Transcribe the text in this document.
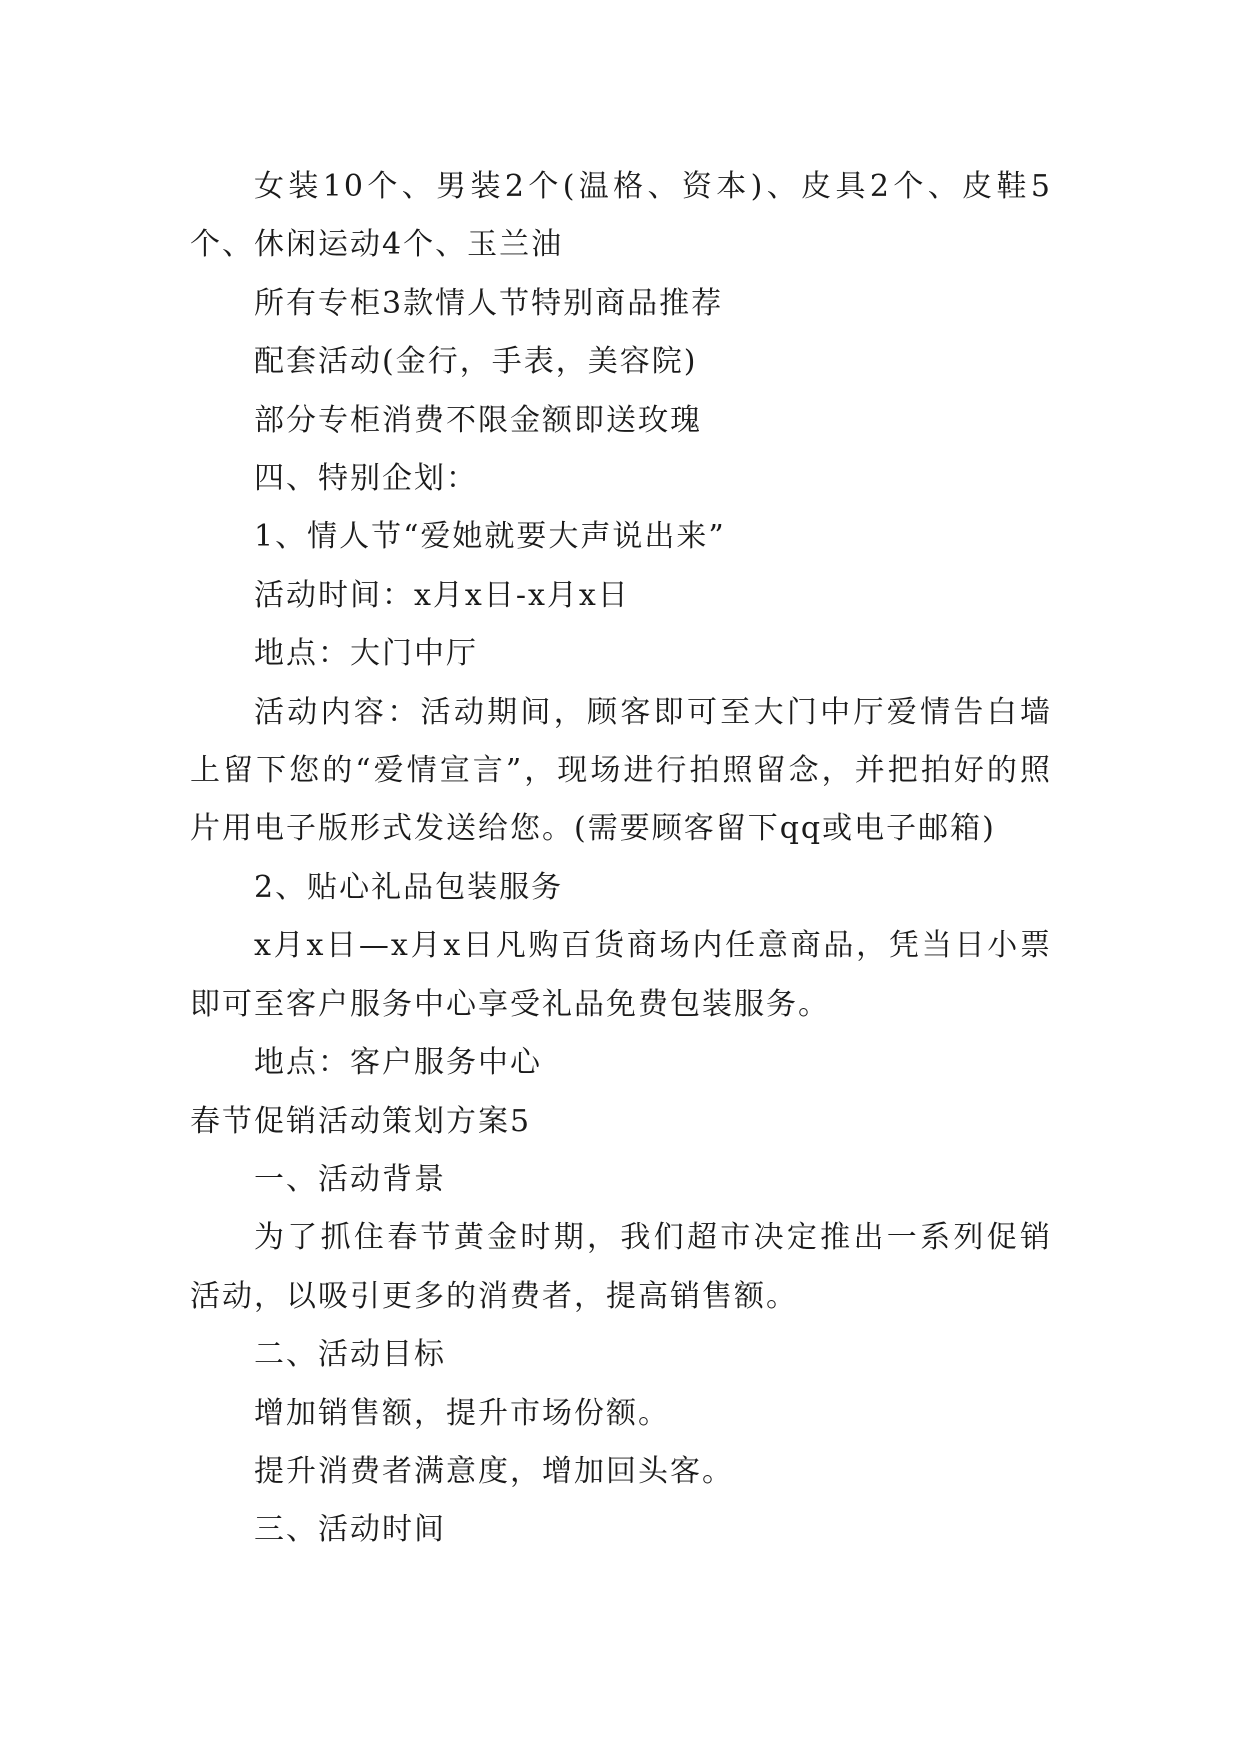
女装10个、男装2个(温格、资本)、皮具2个、皮鞋5个、休闲运动4个、玉兰油

所有专柜3款情人节特别商品推荐

配套活动(金行，手表，美容院)

部分专柜消费不限金额即送玫瑰

四、特别企划：

1、情人节“爱她就要大声说出来”

活动时间：x月x日-x月x日

地点：大门中厅

活动内容：活动期间，顾客即可至大门中厅爱情告白墙上留下您的“爱情宣言”，现场进行拍照留念，并把拍好的照片用电子版形式发送给您。(需要顾客留下qq或电子邮箱)

2、贴心礼品包装服务

x月x日—x月x日凡购百货商场内任意商品，凭当日小票即可至客户服务中心享受礼品免费包装服务。

地点：客户服务中心

春节促销活动策划方案5

一、活动背景

为了抓住春节黄金时期，我们超市决定推出一系列促销活动，以吸引更多的消费者，提高销售额。

二、活动目标

增加销售额，提升市场份额。

提升消费者满意度，增加回头客。

三、活动时间
